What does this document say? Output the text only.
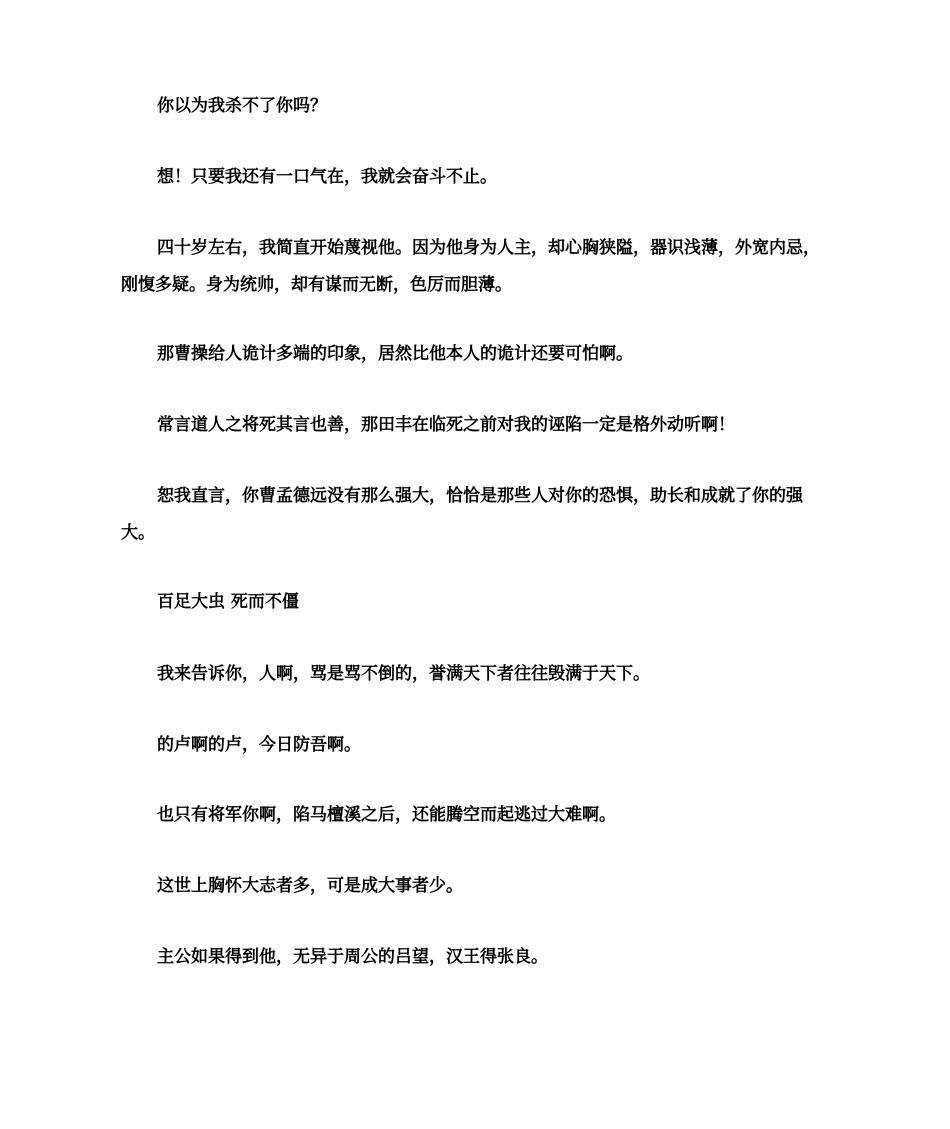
你以为我杀不了你吗？

想！只要我还有一口气在，我就会奋斗不止。

四十岁左右，我简直开始蔑视他。因为他身为人主，却心胸狭隘，器识浅薄，外宽内忌，刚愎多疑。身为统帅，却有谋而无断，色厉而胆薄。

那曹操给人诡计多端的印象，居然比他本人的诡计还要可怕啊。

常言道人之将死其言也善，那田丰在临死之前对我的诬陷一定是格外动听啊！

恕我直言，你曹孟德远没有那么强大，恰恰是那些人对你的恐惧，助长和成就了你的强大。

百足大虫 死而不僵

我来告诉你，人啊，骂是骂不倒的，誉满天下者往往毁满于天下。

的卢啊的卢，今日防吾啊。

也只有将军你啊，陷马檀溪之后，还能腾空而起逃过大难啊。

这世上胸怀大志者多，可是成大事者少。

主公如果得到他，无异于周公的吕望，汉王得张良。
